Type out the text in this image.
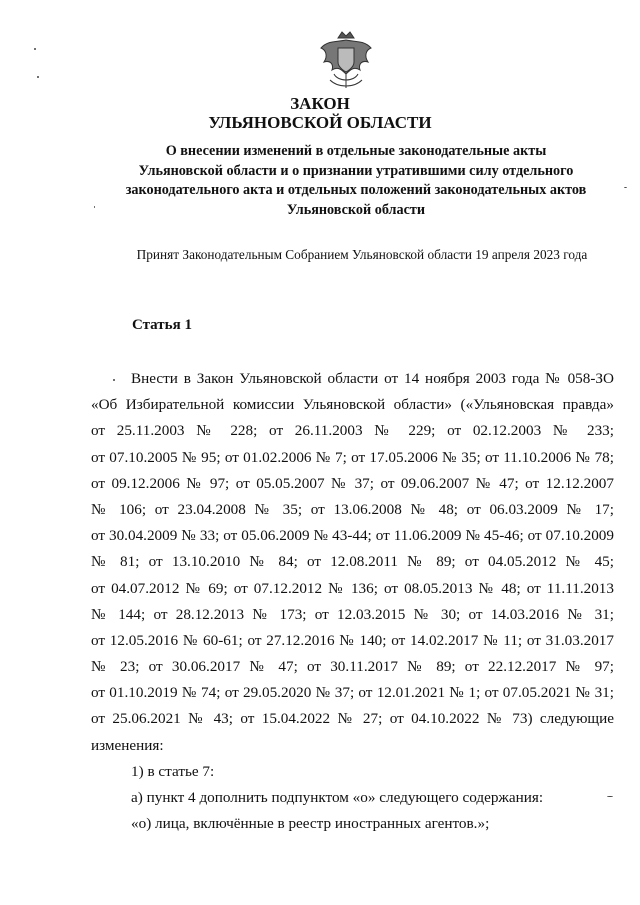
ЗАКОН
УЛЬЯНОВСКОЙ ОБЛАСТИ
О внесении изменений в отдельные законодательные акты
Ульяновской области и о признании утратившими силу отдельного
законодательного акта и отдельных положений законодательных актов
Ульяновской области
Принят Законодательным Собранием Ульяновской области 19 апреля 2023 года
Статья 1
Внести в Закон Ульяновской области от 14 ноября 2003 года № 058-ЗО
«Об Избирательной комиссии Ульяновской области» («Ульяновская правда»
от 25.11.2003 № 228; от 26.11.2003 № 229; от 02.12.2003 № 233;
от 07.10.2005 № 95; от 01.02.2006 № 7; от 17.05.2006 № 35; от 11.10.2006 № 78;
от 09.12.2006 № 97; от 05.05.2007 № 37; от 09.06.2007 № 47; от 12.12.2007
№ 106; от 23.04.2008 № 35; от 13.06.2008 № 48; от 06.03.2009 № 17;
от 30.04.2009 № 33; от 05.06.2009 № 43-44; от 11.06.2009 № 45-46; от 07.10.2009
№ 81; от 13.10.2010 № 84; от 12.08.2011 № 89; от 04.05.2012 № 45;
от 04.07.2012 № 69; от 07.12.2012 № 136; от 08.05.2013 № 48; от 11.11.2013
№ 144; от 28.12.2013 № 173; от 12.03.2015 № 30; от 14.03.2016 № 31;
от 12.05.2016 № 60-61; от 27.12.2016 № 140; от 14.02.2017 № 11; от 31.03.2017
№ 23; от 30.06.2017 № 47; от 30.11.2017 № 89; от 22.12.2017 № 97;
от 01.10.2019 № 74; от 29.05.2020 № 37; от 12.01.2021 № 1; от 07.05.2021 № 31;
от 25.06.2021 № 43; от 15.04.2022 № 27; от 04.10.2022 № 73) следующие
изменения:
1) в статье 7:
а) пункт 4 дополнить подпунктом «о» следующего содержания:
«о) лица, включённые в реестр иностранных агентов.»;
